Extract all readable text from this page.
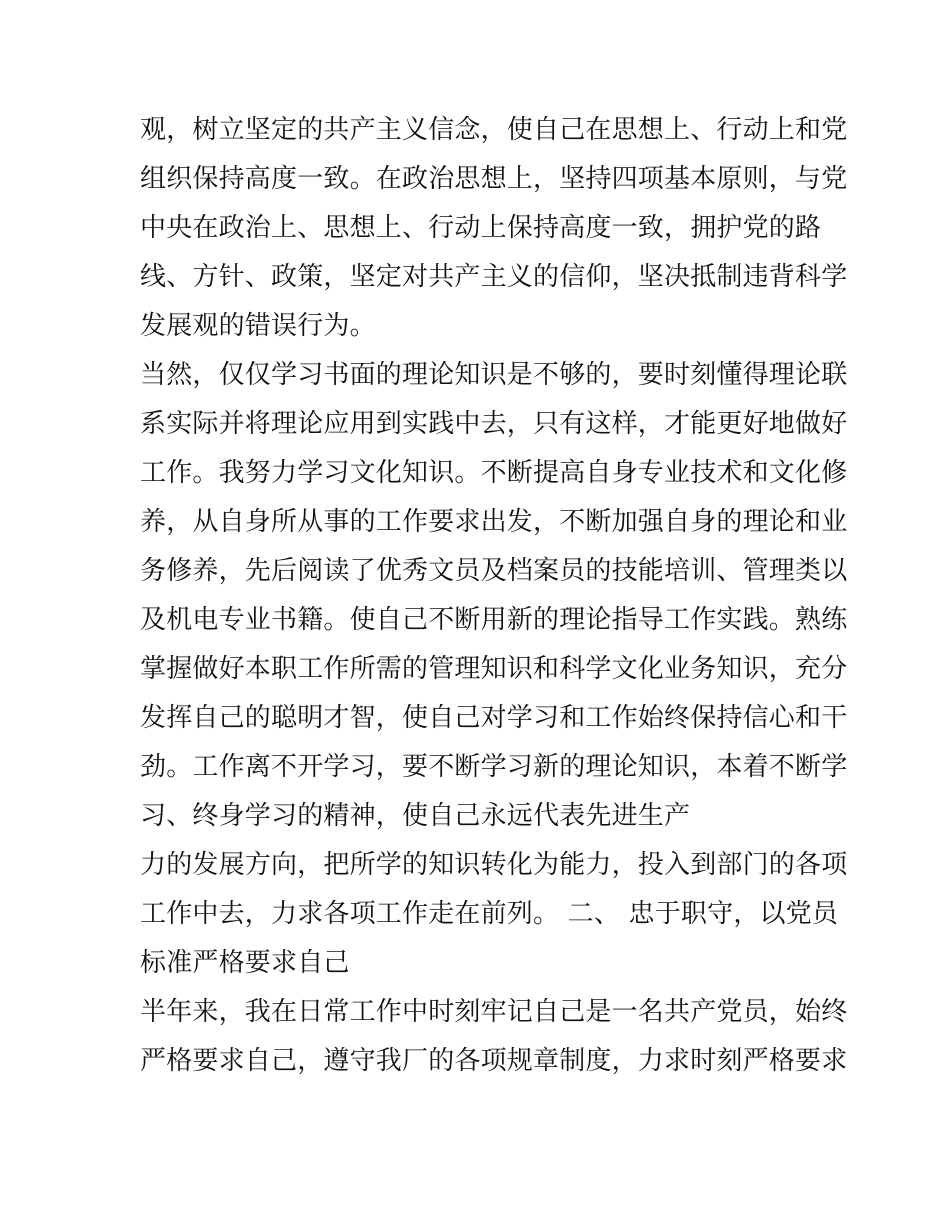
观，树立坚定的共产主义信念，使自己在思想上、行动上和党
组织保持高度一致。在政治思想上，坚持四项基本原则，与党
中央在政治上、思想上、行动上保持高度一致，拥护党的路
线、方针、政策，坚定对共产主义的信仰，坚决抵制违背科学
发展观的错误行为。
当然，仅仅学习书面的理论知识是不够的，要时刻懂得理论联
系实际并将理论应用到实践中去，只有这样，才能更好地做好
工作。我努力学习文化知识。不断提高自身专业技术和文化修
养，从自身所从事的工作要求出发，不断加强自身的理论和业
务修养，先后阅读了优秀文员及档案员的技能培训、管理类以
及机电专业书籍。使自己不断用新的理论指导工作实践。熟练
掌握做好本职工作所需的管理知识和科学文化业务知识，充分
发挥自己的聪明才智，使自己对学习和工作始终保持信心和干
劲。工作离不开学习，要不断学习新的理论知识，本着不断学
习、终身学习的精神，使自己永远代表先进生产
力的发展方向，把所学的知识转化为能力，投入到部门的各项
工作中去，力求各项工作走在前列。 二、 忠于职守，以党员
标准严格要求自己
半年来，我在日常工作中时刻牢记自己是一名共产党员，始终
严格要求自己，遵守我厂的各项规章制度，力求时刻严格要求
